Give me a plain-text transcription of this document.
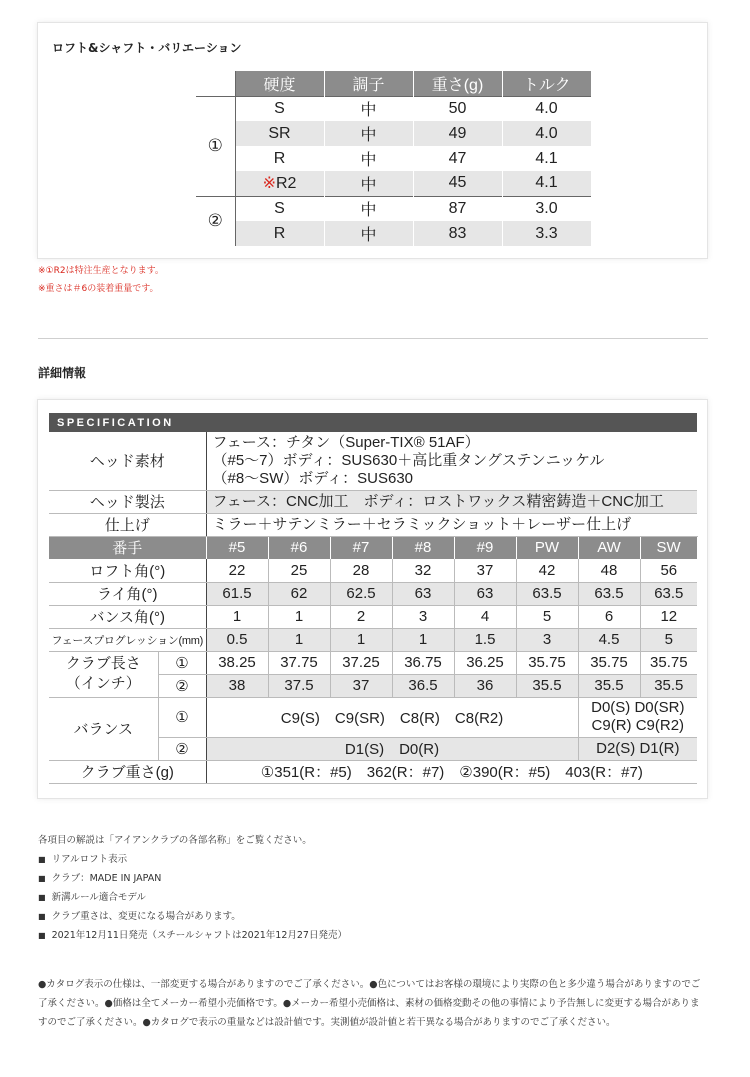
ロフト&シャフト・バリエーション
	硬度	調子	重さ(g)	トルク
①	S	中	50	4.0
	SR	中	49	4.0
	R	中	47	4.1
	※R2	中	45	4.1
②	S	中	87	3.0
	R	中	83	3.3
※①R2は特注生産となります。
※重さは＃6の装着重量です。
詳細情報
SPECIFICATION									
ヘッド素材		フェース：チタン（Super-TIX® 51AF）
（#5～7）ボディ：SUS630＋高比重タングステンニッケル
（#8～SW）ボディ：SUS630							

ヘッド製法		フェース：CNC加工　ボディ：ロストワックス精密鋳造＋CNC加工							
仕上げ		ミラー＋サテンミラー＋セラミックショット＋レーザー仕上げ							
番手		#5	#6	#7	#8	#9	PW	AW	SW
ロフト角(°)		22	25	28	32	37	42	48	56
ライ角(°)		61.5	62	62.5	63	63	63.5	63.5	63.5
バンス角(°)		1	1	2	3	4	5	6	12
フェースプログレッション(mm)		0.5	1	1	1	1.5	3	4.5	5

クラブ長さ
（インチ）	①	38.25	37.75	37.25	36.75	36.25	35.75	35.75	35.75
	②	38	37.5	37	36.5	36	35.5	35.5	35.5
バランス	①	C9(S)　C9(SR)　C8(R)　C8(R2)						D0(S) D0(SR)
C9(R) C9(R2)	

	②	D1(S)　D0(R)						D2(S) D1(R)	
クラブ重さ(g)		①351(R：#5)　362(R：#7)　②390(R：#5)　403(R：#7)							
各項目の解説は「アイアンクラブの各部名称」をご覧ください。
■ リアルロフト表示
■ クラブ：MADE IN JAPAN
■ 新溝ルール適合モデル
■ クラブ重さは、変更になる場合があります。
■ 2021年12月11日発売（スチールシャフトは2021年12月27日発売）
●カタログ表示の仕様は、一部変更する場合がありますのでご了承ください。●色についてはお客様の環境により実際の色と多少違う場合がありますのでご了承ください。●価格は全てメーカー希望小売価格です。●メーカー希望小売価格は、素材の価格変動その他の事情により予告無しに変更する場合がありますのでご了承ください。●カタログで表示の重量などは設計値です。実測値が設計値と若干異なる場合がありますのでご了承ください。
